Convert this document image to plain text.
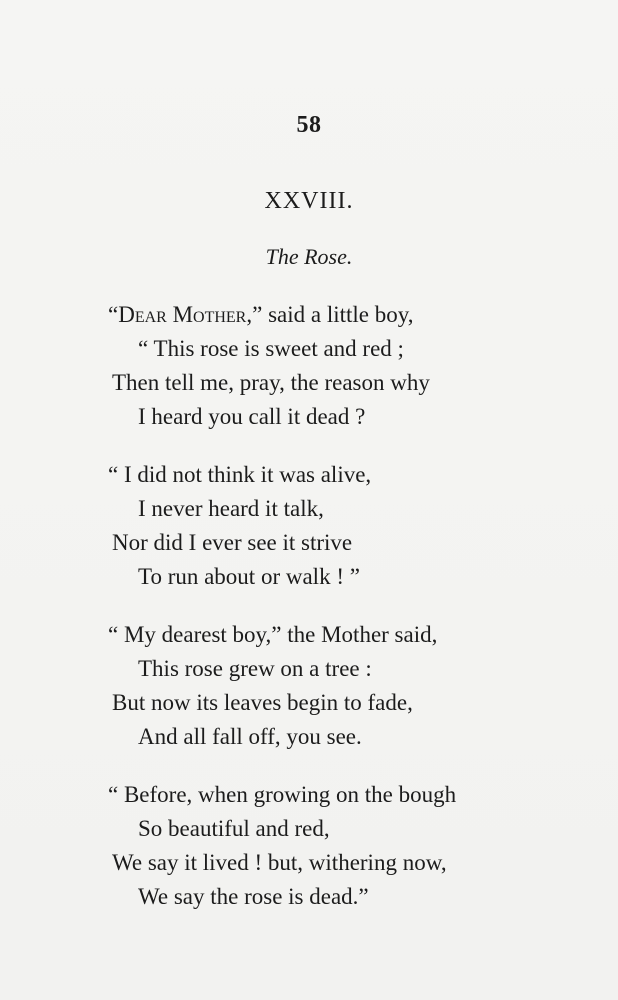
58
XXVIII.
The Rose.
“Dear Mother,” said a little boy,
“ This rose is sweet and red ;
Then tell me, pray, the reason why
I heard you call it dead ?
“ I did not think it was alive,
I never heard it talk,
Nor did I ever see it strive
To run about or walk ! ”
“ My dearest boy,” the Mother said,
This rose grew on a tree :
But now its leaves begin to fade,
And all fall off, you see.
“ Before, when growing on the bough
So beautiful and red,
We say it lived ! but, withering now,
We say the rose is dead.”
